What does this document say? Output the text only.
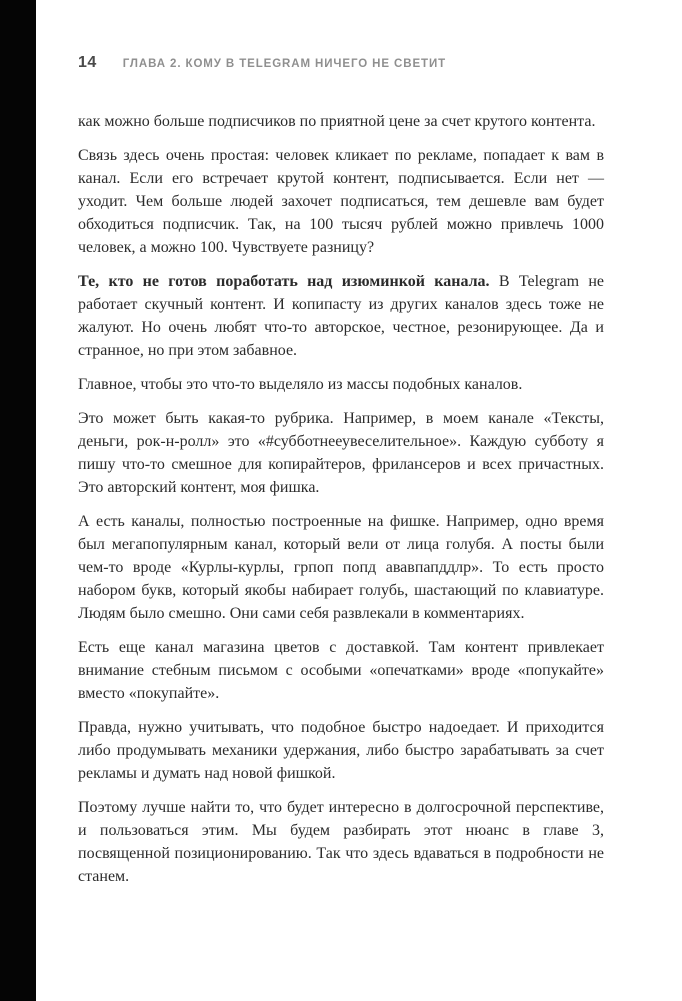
14 ГЛАВА 2. КОМУ В TELEGRAM НИЧЕГО НЕ СВЕТИТ

как можно больше подписчиков по приятной цене за счет крутого контента.

Связь здесь очень простая: человек кликает по рекламе, попадает к вам в канал. Если его встречает крутой контент, подписывается. Если нет — уходит. Чем больше людей захочет подписаться, тем дешевле вам будет обходиться подписчик. Так, на 100 тысяч рублей можно привлечь 1000 человек, а можно 100. Чувствуете разницу?

Те, кто не готов поработать над изюминкой канала. В Telegram не работает скучный контент. И копипасту из других каналов здесь тоже не жалуют. Но очень любят что-то авторское, честное, резонирующее. Да и странное, но при этом забавное.

Главное, чтобы это что-то выделяло из массы подобных каналов.

Это может быть какая-то рубрика. Например, в моем канале «Тексты, деньги, рок-н-ролл» это «#субботнееувеселительное». Каждую субботу я пишу что-то смешное для копирайтеров, фрилансеров и всех причастных. Это авторский контент, моя фишка.

А есть каналы, полностью построенные на фишке. Например, одно время был мегапопулярным канал, который вели от лица голубя. А посты были чем-то вроде «Курлы-курлы, грпоп попд ававпапддлр». То есть просто набором букв, который якобы набирает голубь, шастающий по клавиатуре. Людям было смешно. Они сами себя развлекали в комментариях.

Есть еще канал магазина цветов с доставкой. Там контент привлекает внимание стебным письмом с особыми «опечатками» вроде «попукайте» вместо «покупайте».

Правда, нужно учитывать, что подобное быстро надоедает. И приходится либо продумывать механики удержания, либо быстро зарабатывать за счет рекламы и думать над новой фишкой.

Поэтому лучше найти то, что будет интересно в долгосрочной перспективе, и пользоваться этим. Мы будем разбирать этот нюанс в главе 3, посвященной позиционированию. Так что здесь вдаваться в подробности не станем.
